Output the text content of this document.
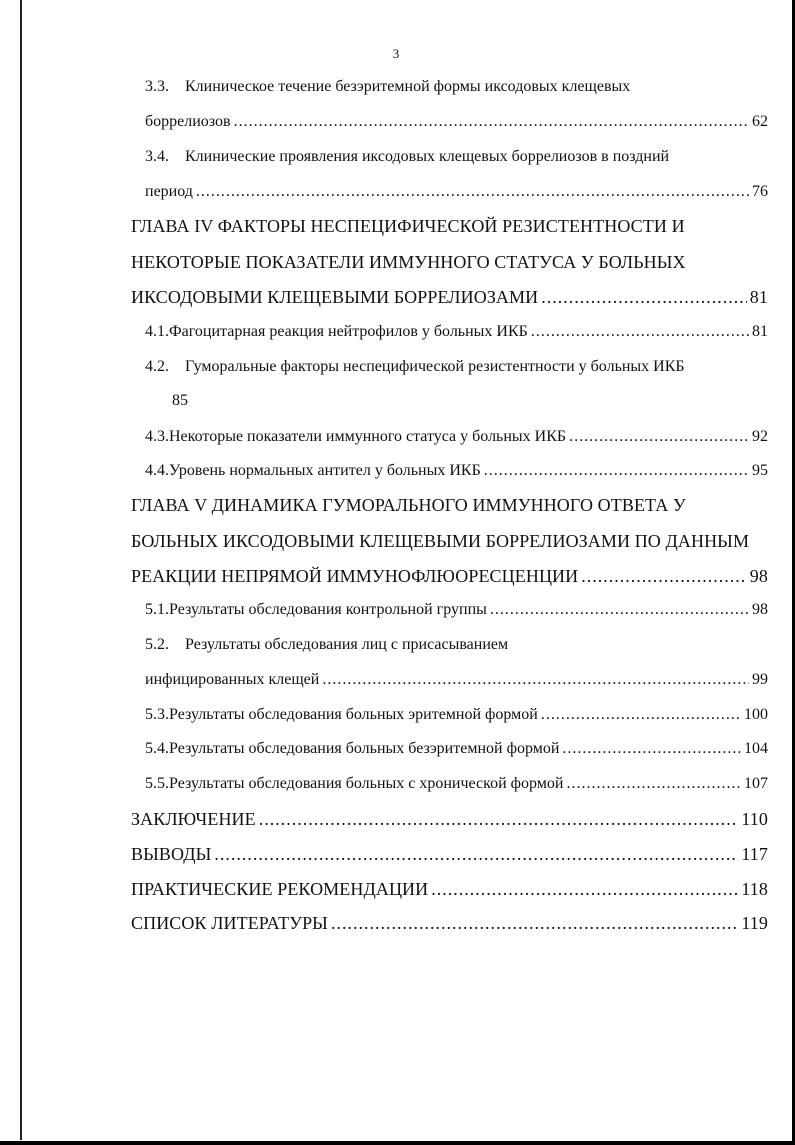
3
3.3.	Клиническое течение безэритемной формы иксодовых клещевых
боррелиозов .....	62
3.4.	Клинические проявления иксодовых клещевых боррелиозов в поздний
период .....	76
ГЛАВА IV ФАКТОРЫ НЕСПЕЦИФИЧЕСКОЙ РЕЗИСТЕНТНОСТИ И
НЕКОТОРЫЕ ПОКАЗАТЕЛИ ИММУННОГО СТАТУСА У БОЛЬНЫХ
ИКСОДОВЫМИ КЛЕЩЕВЫМИ БОРРЕЛИОЗАМИ .....	81
4.1. Фагоцитарная реакция нейтрофилов у больных ИКБ .....	81
4.2.	Гуморальные факторы неспецифической резистентности у больных ИКБ
85
4.3. Некоторые показатели иммунного статуса у больных ИКБ .....	92
4.4. Уровень нормальных антител у больных ИКБ .....	95
ГЛАВА V ДИНАМИКА ГУМОРАЛЬНОГО ИММУННОГО ОТВЕТА У
БОЛЬНЫХ ИКСОДОВЫМИ КЛЕЩЕВЫМИ БОРРЕЛИОЗАМИ ПО ДАННЫМ
РЕАКЦИИ НЕПРЯМОЙ ИММУНОФЛЮОРЕСЦЕНЦИИ .....	98
5.1. Результаты обследования контрольной группы .....	98
5.2.	Результаты обследования лиц с присасыванием
инфицированных клещей .....	99
5.3. Результаты обследования больных эритемной формой .....	100
5.4. Результаты обследования больных безэритемной формой .....	104
5.5. Результаты обследования больных с хронической формой .....	107
ЗАКЛЮЧЕНИЕ .....	110
ВЫВОДЫ .....	117
ПРАКТИЧЕСКИЕ РЕКОМЕНДАЦИИ .....	118
СПИСОК ЛИТЕРАТУРЫ .....	119
